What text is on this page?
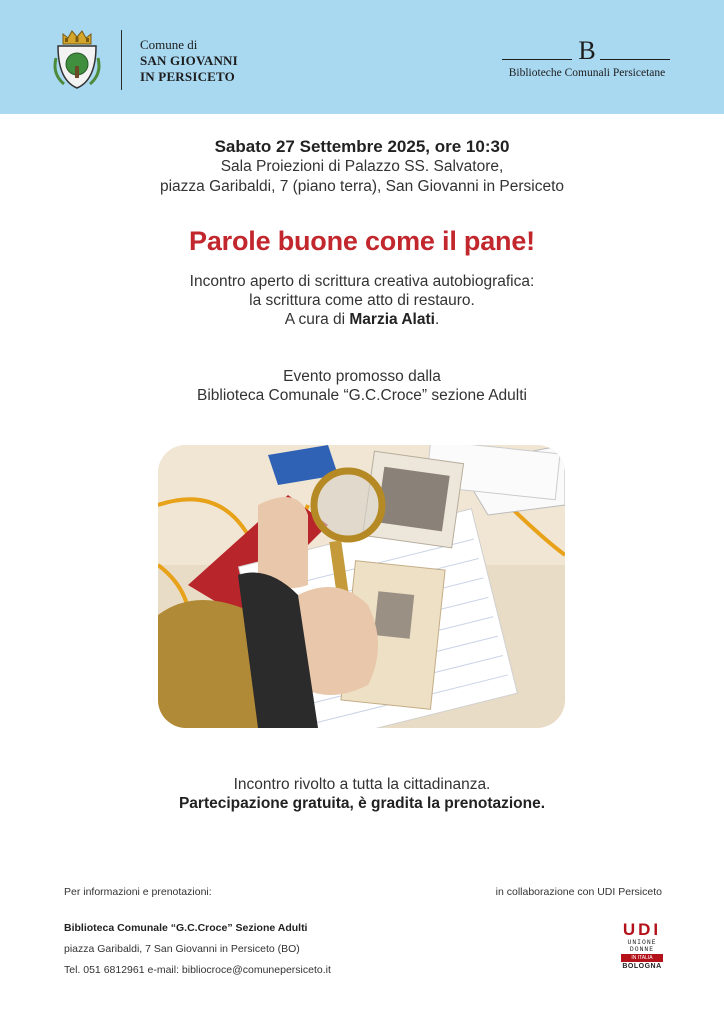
Comune di
SAN GIOVANNI
IN PERSICETO
B
Biblioteche Comunali Persicetane
Sabato 27 Settembre 2025, ore 10:30
Sala Proiezioni di Palazzo SS. Salvatore,
piazza Garibaldi, 7 (piano terra), San Giovanni in Persiceto
Parole buone come il pane!
Incontro aperto di scrittura creativa autobiografica:
la scrittura come atto di restauro.
A cura di Marzia Alati.
Evento promosso dalla
Biblioteca Comunale “G.C.Croce” sezione Adulti
Incontro rivolto a tutta la cittadinanza.
Partecipazione gratuita, è gradita la prenotazione.
Per informazioni e prenotazioni:	in collaborazione con UDI Persiceto
Biblioteca Comunale “G.C.Croce” Sezione Adulti
piazza Garibaldi, 7 San Giovanni in Persiceto (BO)
Tel. 051 6812961 e-mail: bibliocroce@comunepersiceto.it
UDI
UNIONE
DONNE
IN ITALIA
BOLOGNA
